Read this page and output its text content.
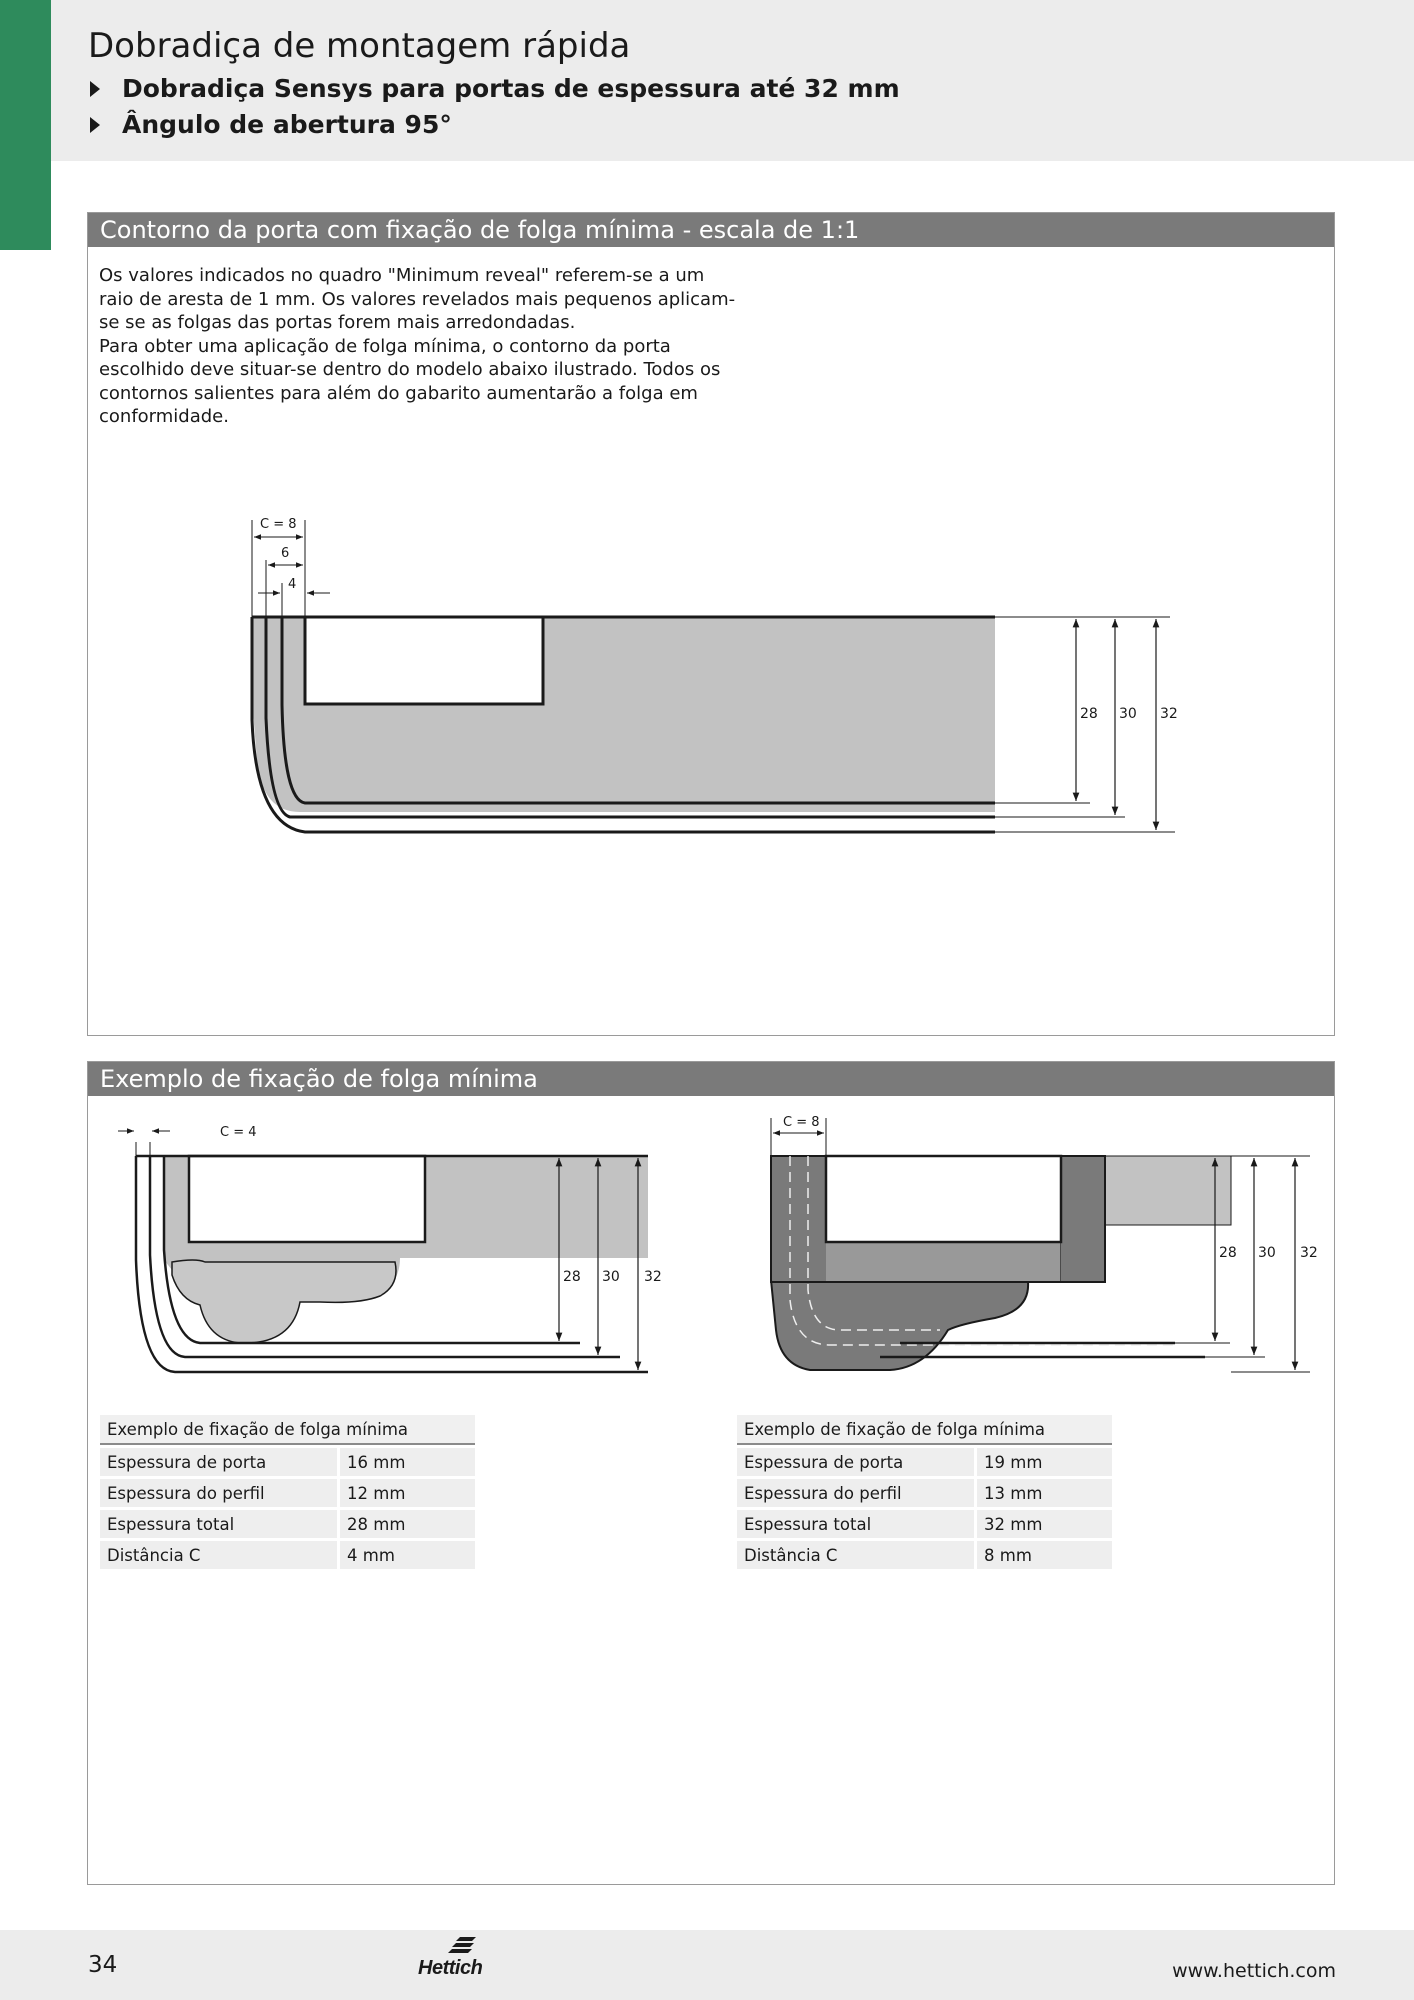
Dobradiça de montagem rápida
Dobradiça Sensys para portas de espessura até 32 mm
Ângulo de abertura 95°
Contorno da porta com fixação de folga mínima - escala de 1:1

Os valores indicados no quadro "Minimum reveal" referem-se a um raio de aresta de 1 mm. Os valores revelados mais pequenos aplicam-se se as folgas das portas forem mais arredondadas.

Para obter uma aplicação de folga mínima, o contorno da porta escolhido deve situar-se dentro do modelo abaixo ilustrado. Todos os contornos salientes para além do gabarito aumentarão a folga em conformidade.

C = 8
6
4
28 30 32
Exemplo de fixação de folga mínima
C = 4
28 30 32
C = 8
28 30 32
Exemplo de fixação de folga mínima		
Espessura de porta		16 mm
Espessura do perfil		12 mm
Espessura total		28 mm
Distância C		4 mm
Exemplo de fixação de folga mínima		
Espessura de porta		19 mm
Espessura do perfil		13 mm
Espessura total		32 mm
Distância C		8 mm
34	Hettich	www.hettich.com
